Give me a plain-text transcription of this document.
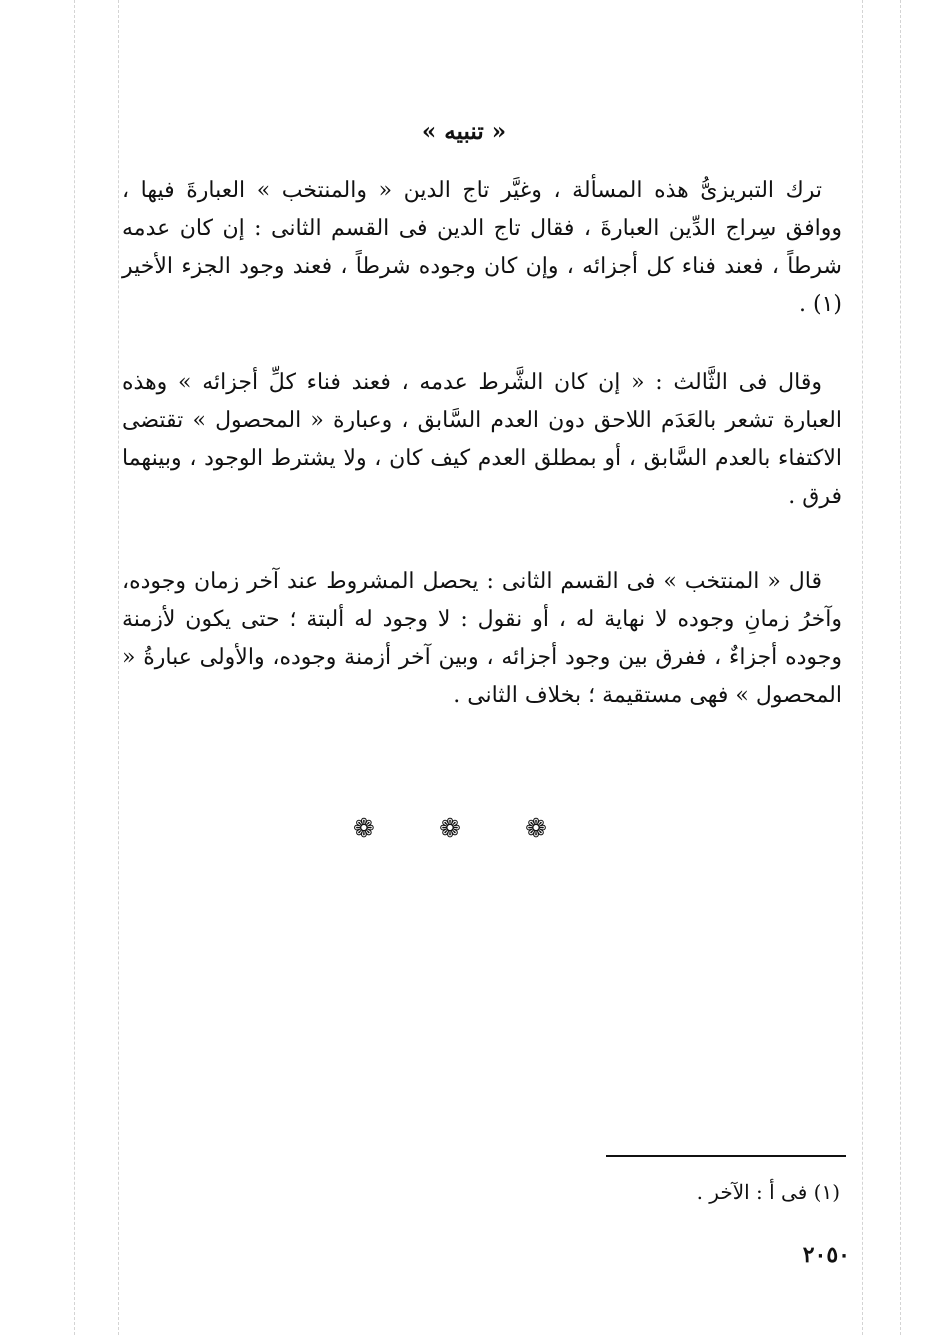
« تنبيه »

ترك التبريزىُّ هذه المسألة ، وغيَّر تاج الدين « والمنتخب » العبارةَ فيها ، ووافق سِراج الدِّين العبارةَ ، فقال تاج الدين فى القسم الثانى : إن كان عدمه شرطاً ، فعند فناء كل أجزائه ، وإن كان وجوده شرطاً ، فعند وجود الجزء الأخير (١) .

وقال فى الثَّالث : « إن كان الشَّرط عدمه ، فعند فناء كلِّ أجزائه » وهذه العبارة تشعر بالعَدَم اللاحق دون العدم السَّابق ، وعبارة « المحصول » تقتضى الاكتفاء بالعدم السَّابق ، أو بمطلق العدم كيف كان ، ولا يشترط الوجود ، وبينهما فرق .

قال « المنتخب » فى القسم الثانى : يحصل المشروط عند آخر زمان وجوده، وآخرُ زمانِ وجوده لا نهاية له ، أو نقول : لا وجود له ألبتة ؛ حتى يكون لأزمنة وجوده أجزاءٌ ، ففرق بين وجود أجزائه ، وبين آخر أزمنة وجوده، والأولى عبارةُ « المحصول » فهى مستقيمة ؛ بخلاف الثانى .

❁ ❁ ❁
(١) فى أ : الآخر .
٢٠٥٠
